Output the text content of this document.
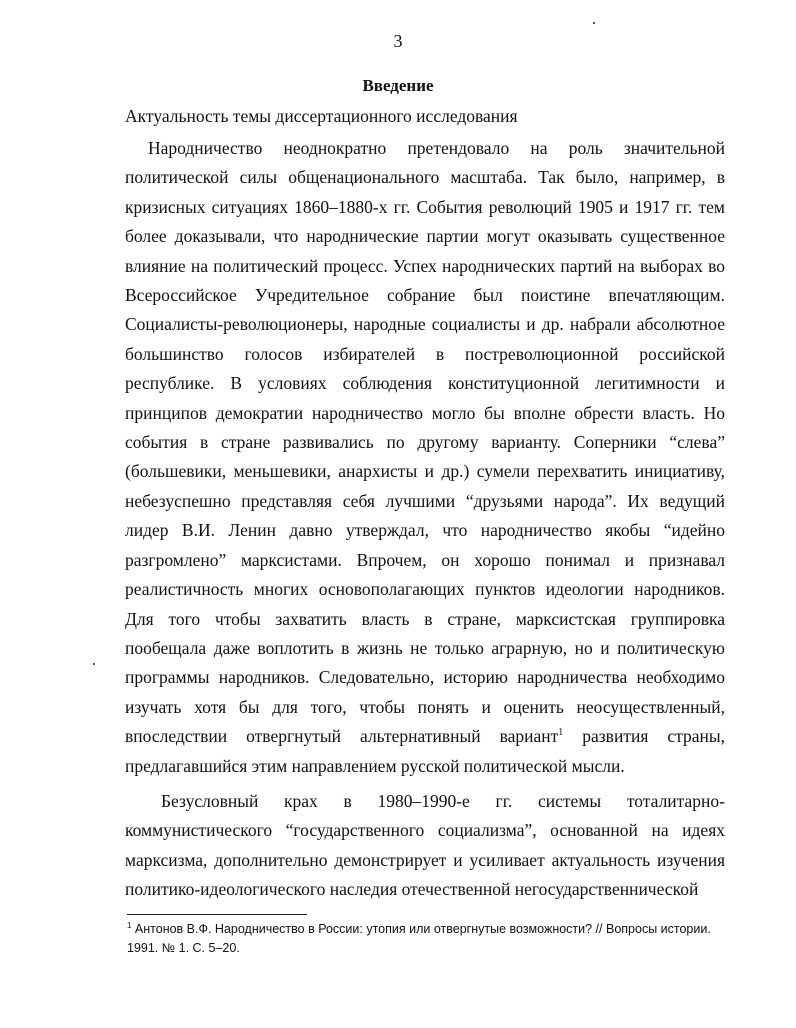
3
Введение
Актуальность темы диссертационного исследования

Народничество неоднократно претендовало на роль значительной политической силы общенационального масштаба. Так было, например, в кризисных ситуациях 1860–1880-х гг. События революций 1905 и 1917 гг. тем более доказывали, что народнические партии могут оказывать существенное влияние на политический процесс. Успех народнических партий на выборах во Всероссийское Учредительное собрание был поистине впечатляющим. Социалисты-революционеры, народные социалисты и др. набрали абсолютное большинство голосов избирателей в постреволюционной российской республике. В условиях соблюдения конституционной легитимности и принципов демократии народничество могло бы вполне обрести власть. Но события в стране развивались по другому варианту. Соперники “слева” (большевики, меньшевики, анархисты и др.) сумели перехватить инициативу, небезуспешно представляя себя лучшими “друзьями народа”. Их ведущий лидер В.И. Ленин давно утверждал, что народничество якобы “идейно разгромлено” марксистами. Впрочем, он хорошо понимал и признавал реалистичность многих основополагающих пунктов идеологии народников. Для того чтобы захватить власть в стране, марксистская группировка пообещала даже воплотить в жизнь не только аграрную, но и политическую программы народников. Следовательно, историю народничества необходимо изучать хотя бы для того, чтобы понять и оценить неосуществленный, впоследствии отвергнутый альтернативный вариант$^1$ развития страны, предлагавшийся этим направлением русской политической мысли.

Безусловный крах в 1980–1990-е гг. системы тоталитарно-коммунистического “государственного социализма”, основанной на идеях марксизма, дополнительно демонстрирует и усиливает актуальность изучения политико-идеологического наследия отечественной негосударственнической

$^1$ Антонов В.Ф. Народничество в России: утопия или отвергнутые возможности? // Вопросы истории. 1991. № 1. С. 5–20.
